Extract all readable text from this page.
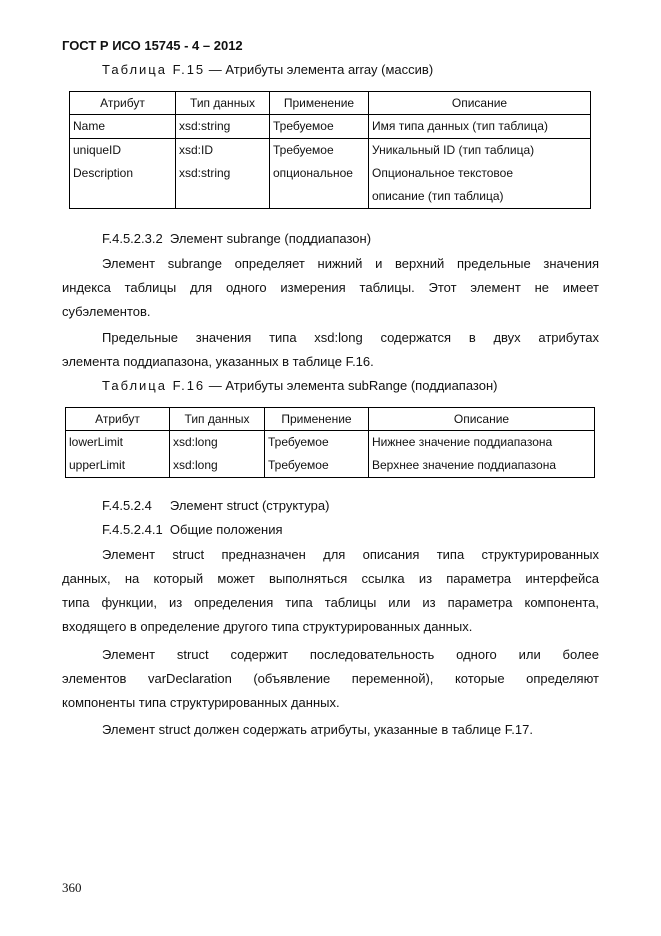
ГОСТ Р ИСО 15745 - 4 – 2012
Таблица F.15 — Атрибуты элемента array (массив)
Атрибут	Тип данных	Применение	Описание
Name	xsd:string	Требуемое	Имя типа данных (тип таблица)
uniqueID	xsd:ID	Требуемое	Уникальный ID (тип таблица)
Description	xsd:string	опциональное	Опциональное текстовое
			описание (тип таблица)
F.4.5.2.3.2  Элемент subrange (поддиапазон)
Элемент subrange определяет нижний и верхний предельные значения
индекса таблицы для одного измерения таблицы. Этот элемент не имеет
субэлементов.
Предельные значения типа xsd:long содержатся в двух атрибутах
элемента поддиапазона, указанных в таблице F.16.
Таблица F.16 — Атрибуты элемента subRange (поддиапазон)
Атрибут	Тип данных	Применение	Описание
lowerLimit	xsd:long	Требуемое	Нижнее значение поддиапазона
upperLimit	xsd:long	Требуемое	Верхнее значение поддиапазона
F.4.5.2.4     Элемент struct (структура)
F.4.5.2.4.1  Общие положения
Элемент struct предназначен для описания типа структурированных
данных, на который может выполняться ссылка из параметра интерфейса
типа функции, из определения типа таблицы или из параметра компонента,
входящего в определение другого типа структурированных данных.
Элемент struct содержит последовательность одного или более
элементов varDeclaration (объявление переменной), которые определяют
компоненты типа структурированных данных.
Элемент struct должен содержать атрибуты, указанные в таблице F.17.
360
